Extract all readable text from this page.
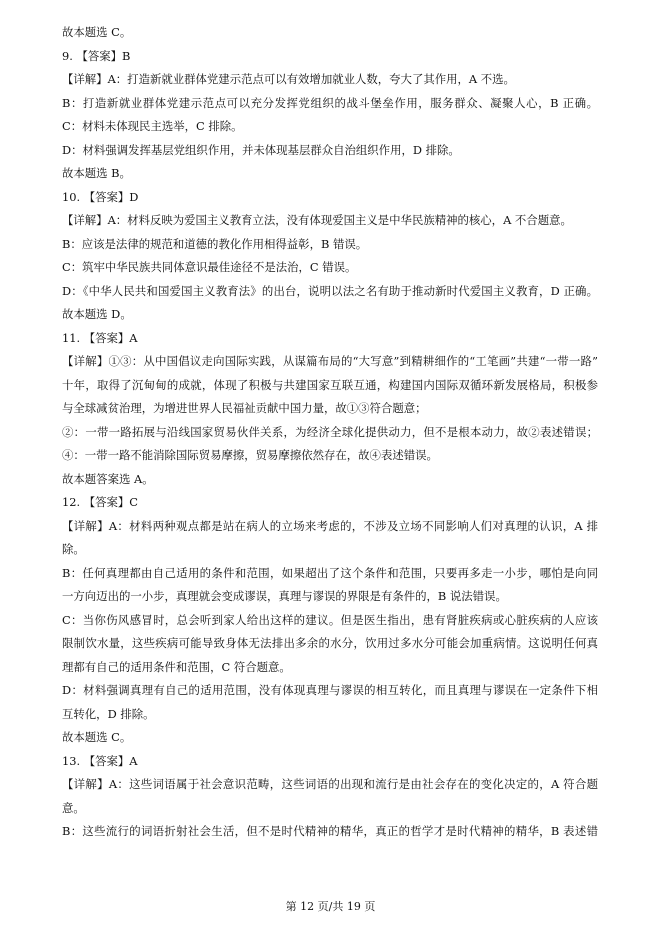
故本题选 C。
9. 【答案】B
【详解】A：打造新就业群体党建示范点可以有效增加就业人数，夸大了其作用，A 不选。
B：打造新就业群体党建示范点可以充分发挥党组织的战斗堡垒作用，服务群众、凝聚人心，B 正确。
C：材料未体现民主选举，C 排除。
D：材料强调发挥基层党组织作用，并未体现基层群众自治组织作用，D 排除。
故本题选 B。
10. 【答案】D
【详解】A：材料反映为爱国主义教育立法，没有体现爱国主义是中华民族精神的核心，A 不合题意。
B：应该是法律的规范和道德的教化作用相得益彰，B 错误。
C：筑牢中华民族共同体意识最佳途径不是法治，C 错误。
D：《中华人民共和国爱国主义教育法》的出台，说明以法之名有助于推动新时代爱国主义教育，D 正确。
故本题选 D。
11. 【答案】A
【详解】①③：从中国倡议走向国际实践，从谋篇布局的“大写意”到精耕细作的“工笔画”共建“一带一路”
十年，取得了沉甸甸的成就，体现了积极与共建国家互联互通，构建国内国际双循环新发展格局，积极参
与全球减贫治理，为增进世界人民福祉贡献中国力量，故①③符合题意；
②：一带一路拓展与沿线国家贸易伙伴关系，为经济全球化提供动力，但不是根本动力，故②表述错误；
④：一带一路不能消除国际贸易摩擦，贸易摩擦依然存在，故④表述错误。
故本题答案选 A。
12. 【答案】C
【详解】A：材料两种观点都是站在病人的立场来考虑的，不涉及立场不同影响人们对真理的认识，A 排
除。
B：任何真理都由自己适用的条件和范围，如果超出了这个条件和范围，只要再多走一小步，哪怕是向同
一方向迈出的一小步，真理就会变成谬误，真理与谬误的界限是有条件的，B 说法错误。
C：当你伤风感冒时，总会听到家人给出这样的建议。但是医生指出，患有肾脏疾病或心脏疾病的人应该
限制饮水量，这些疾病可能导致身体无法排出多余的水分，饮用过多水分可能会加重病情。这说明任何真
理都有自己的适用条件和范围，C 符合题意。
D：材料强调真理有自己的适用范围，没有体现真理与谬误的相互转化，而且真理与谬误在一定条件下相
互转化，D 排除。
故本题选 C。
13. 【答案】A
【详解】A：这些词语属于社会意识范畴，这些词语的出现和流行是由社会存在的变化决定的，A 符合题
意。
B：这些流行的词语折射社会生活，但不是时代精神的精华，真正的哲学才是时代精神的精华，B 表述错
第 12 页/共 19 页
